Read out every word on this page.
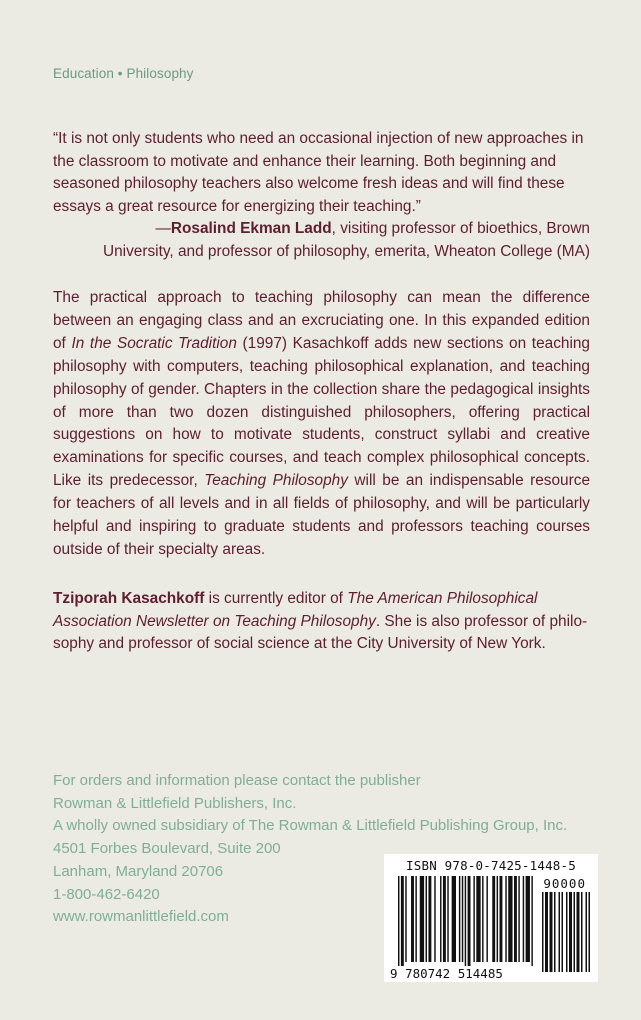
Education • Philosophy

“It is not only students who need an occasional injection of new approaches in the classroom to motivate and enhance their learning. Both beginning and seasoned philosophy teachers also welcome fresh ideas and will find these essays a great resource for energizing their teaching.”

—Rosalind Ekman Ladd, visiting professor of bioethics, Brown
University, and professor of philosophy, emerita, Wheaton College (MA)

The practical approach to teaching philosophy can mean the difference between an engaging class and an excruciating one. In this expanded edition of In the Socratic Tradition (1997) Kasachkoff adds new sections on teaching philosophy with computers, teaching philosophical explanation, and teaching philosophy of gender. Chapters in the collection share the pedagogical insights of more than two dozen distinguished philosophers, offering practical suggestions on how to motivate students, construct syllabi and creative examinations for specific courses, and teach complex philosophical concepts. Like its predecessor, Teaching Philosophy will be an indispensable resource for teachers of all levels and in all fields of philosophy, and will be particularly helpful and inspiring to graduate students and professors teaching courses outside of their specialty areas.

Tziporah Kasachkoff is currently editor of The American Philosophical Association Newsletter on Teaching Philosophy. She is also professor of philosophy and professor of social science at the City University of New York.

For orders and information please contact the publisher
Rowman & Littlefield Publishers, Inc.
A wholly owned subsidiary of The Rowman & Littlefield Publishing Group, Inc.
4501 Forbes Boulevard, Suite 200
Lanham, Maryland 20706
1-800-462-6420
www.rowmanlittlefield.com
ISBN 978-0-7425-1448-5
90000
9 780742 514485
